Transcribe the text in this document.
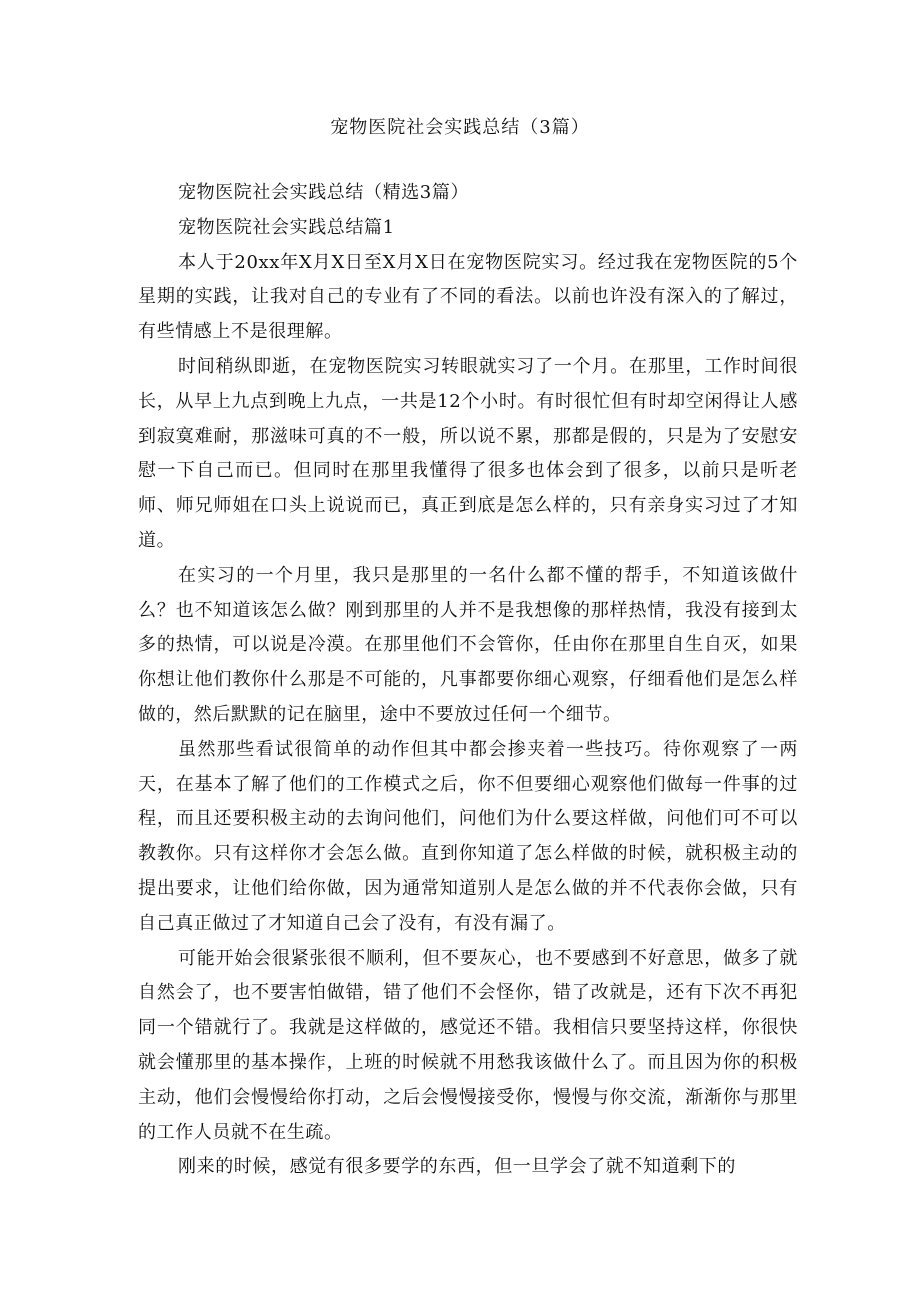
宠物医院社会实践总结（3篇）

宠物医院社会实践总结（精选3篇）

宠物医院社会实践总结篇1

本人于20xx年X月X日至X月X日在宠物医院实习。经过我在宠物医院的5个星期的实践，让我对自己的专业有了不同的看法。以前也许没有深入的了解过，有些情感上不是很理解。

时间稍纵即逝，在宠物医院实习转眼就实习了一个月。在那里，工作时间很长，从早上九点到晚上九点，一共是12个小时。有时很忙但有时却空闲得让人感到寂寞难耐，那滋味可真的不一般，所以说不累，那都是假的，只是为了安慰安慰一下自己而已。但同时在那里我懂得了很多也体会到了很多，以前只是听老师、师兄师姐在口头上说说而已，真正到底是怎么样的，只有亲身实习过了才知道。

在实习的一个月里，我只是那里的一名什么都不懂的帮手，不知道该做什么？也不知道该怎么做？刚到那里的人并不是我想像的那样热情，我没有接到太多的热情，可以说是冷漠。在那里他们不会管你，任由你在那里自生自灭，如果你想让他们教你什么那是不可能的，凡事都要你细心观察，仔细看他们是怎么样做的，然后默默的记在脑里，途中不要放过任何一个细节。

虽然那些看试很简单的动作但其中都会掺夹着一些技巧。待你观察了一两天，在基本了解了他们的工作模式之后，你不但要细心观察他们做每一件事的过程，而且还要积极主动的去询问他们，问他们为什么要这样做，问他们可不可以教教你。只有这样你才会怎么做。直到你知道了怎么样做的时候，就积极主动的提出要求，让他们给你做，因为通常知道别人是怎么做的并不代表你会做，只有自己真正做过了才知道自己会了没有，有没有漏了。

可能开始会很紧张很不顺利，但不要灰心，也不要感到不好意思，做多了就自然会了，也不要害怕做错，错了他们不会怪你，错了改就是，还有下次不再犯同一个错就行了。我就是这样做的，感觉还不错。我相信只要坚持这样，你很快就会懂那里的基本操作，上班的时候就不用愁我该做什么了。而且因为你的积极主动，他们会慢慢给你打动，之后会慢慢接受你，慢慢与你交流，渐渐你与那里的工作人员就不在生疏。

刚来的时候，感觉有很多要学的东西，但一旦学会了就不知道剩下的
